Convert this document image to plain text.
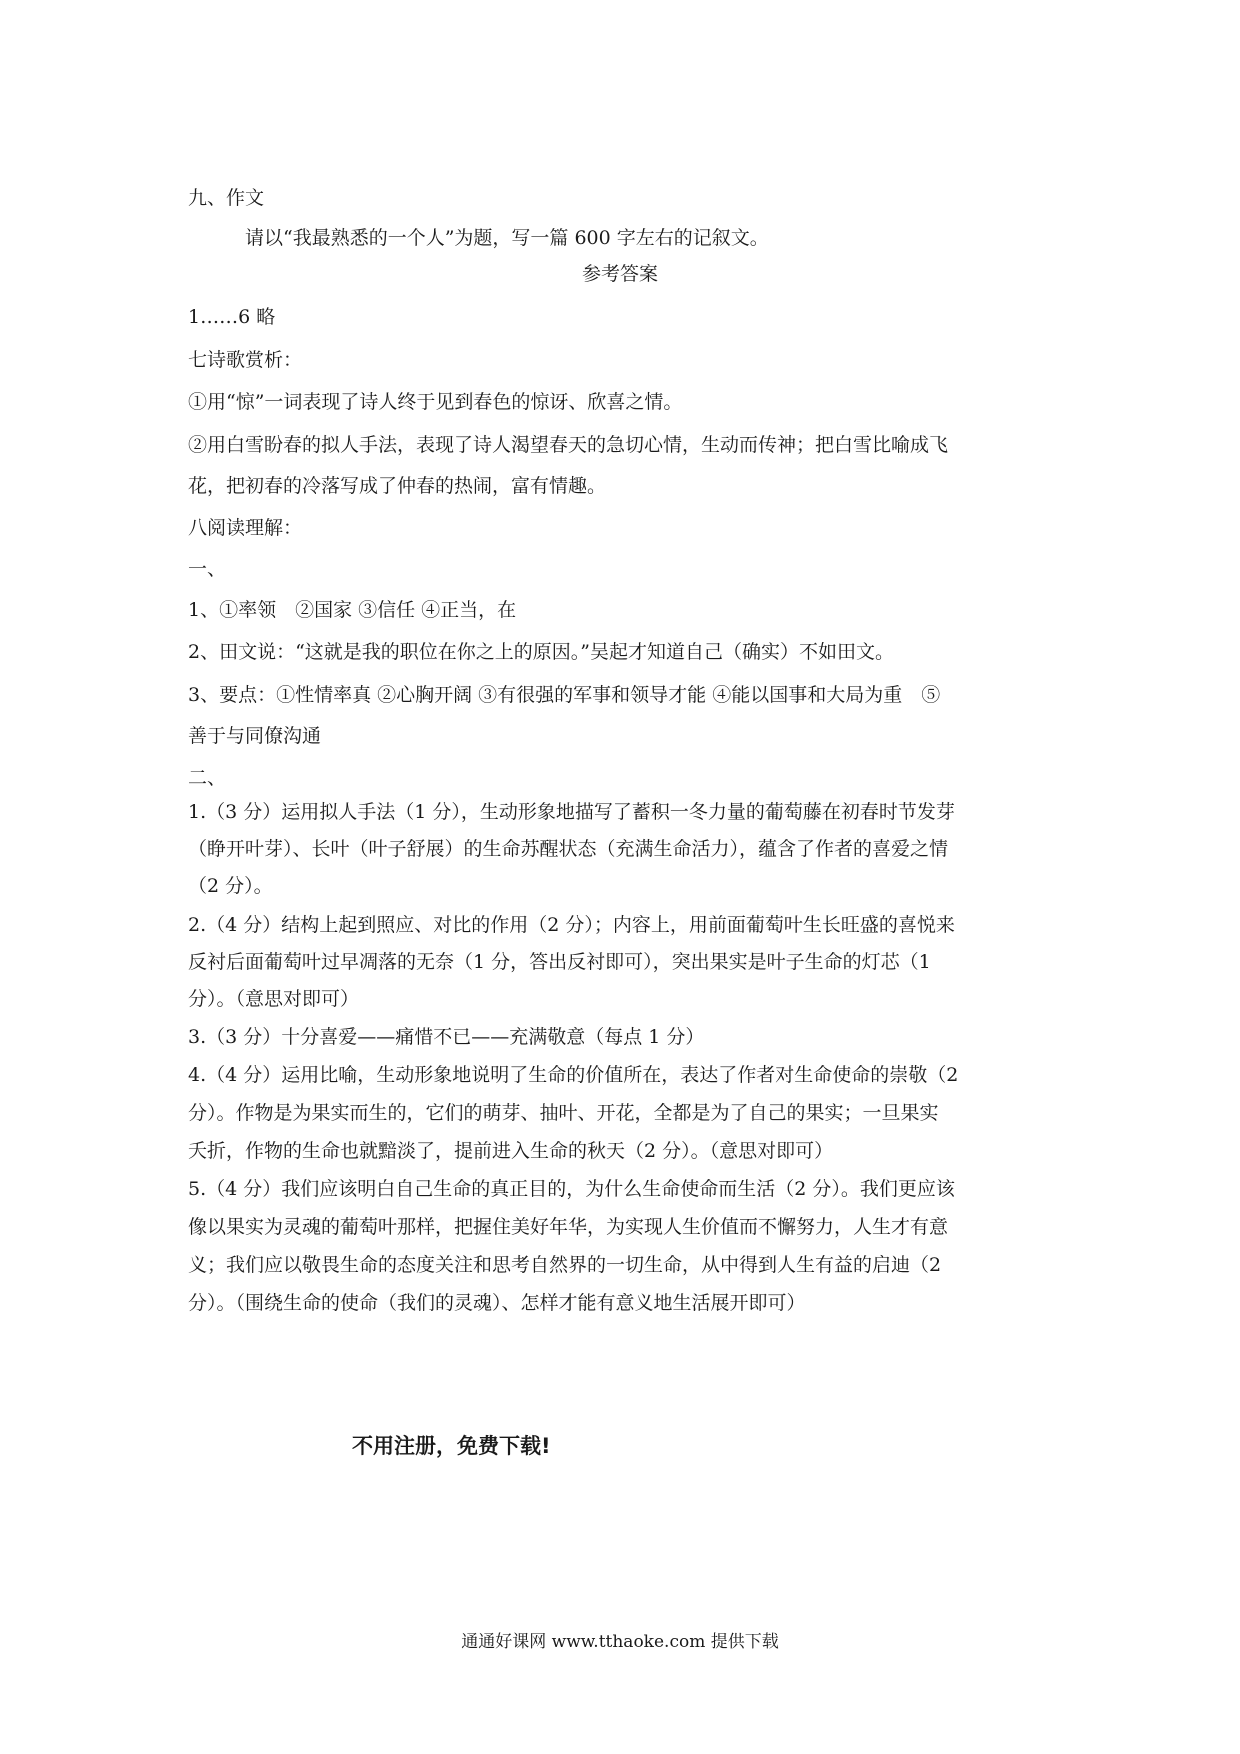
九、作文
请以“我最熟悉的一个人”为题，写一篇 600 字左右的记叙文。
参考答案
1……6 略
七诗歌赏析：
①用“惊”一词表现了诗人终于见到春色的惊讶、欣喜之情。
②用白雪盼春的拟人手法，表现了诗人渴望春天的急切心情，生动而传神；把白雪比喻成飞
花，把初春的冷落写成了仲春的热闹，富有情趣。
八阅读理解：
一、
1、①率领　②国家 ③信任 ④正当，在
2、田文说：“这就是我的职位在你之上的原因。”吴起才知道自己（确实）不如田文。
3、要点：①性情率真 ②心胸开阔 ③有很强的军事和领导才能 ④能以国事和大局为重　⑤
善于与同僚沟通
二、
1.（3 分）运用拟人手法（1 分），生动形象地描写了蓄积一冬力量的葡萄藤在初春时节发芽
（睁开叶芽）、长叶（叶子舒展）的生命苏醒状态（充满生命活力），蕴含了作者的喜爱之情
（2 分）。
2.（4 分）结构上起到照应、对比的作用（2 分）；内容上，用前面葡萄叶生长旺盛的喜悦来
反衬后面葡萄叶过早凋落的无奈（1 分，答出反衬即可），突出果实是叶子生命的灯芯（1
分）。（意思对即可）
3.（3 分）十分喜爱——痛惜不已——充满敬意（每点 1 分）
4.（4 分）运用比喻，生动形象地说明了生命的价值所在，表达了作者对生命使命的崇敬（2
分）。作物是为果实而生的，它们的萌芽、抽叶、开花，全都是为了自己的果实；一旦果实
夭折，作物的生命也就黯淡了，提前进入生命的秋天（2 分）。（意思对即可）
5.（4 分）我们应该明白自己生命的真正目的，为什么生命使命而生活（2 分）。我们更应该
像以果实为灵魂的葡萄叶那样，把握住美好年华，为实现人生价值而不懈努力，人生才有意
义；我们应以敬畏生命的态度关注和思考自然界的一切生命，从中得到人生有益的启迪（2
分）。（围绕生命的使命（我们的灵魂）、怎样才能有意义地生活展开即可）
不用注册，免费下载!
通通好课网 www.tthaoke.com 提供下载
